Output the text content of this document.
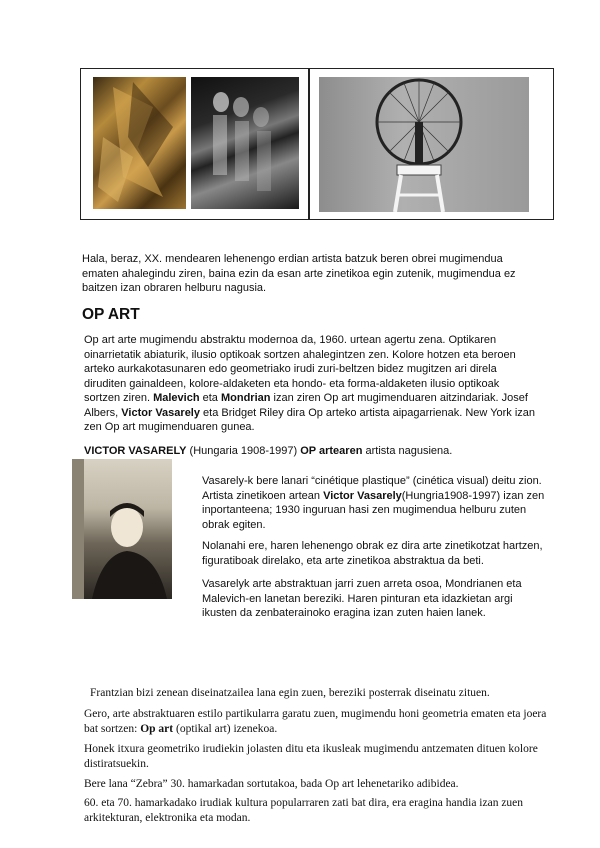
Hala, beraz, XX. mendearen lehenengo erdian artista batzuk beren obrei mugimendua ematen ahalegindu ziren, baina ezin da esan arte zinetikoa egin zutenik, mugimendua ez baitzen izan obraren helburu nagusia.

OP ART

Op art arte mugimendu abstraktu modernoa da, 1960. urtean agertu zena. Optikaren oinarrietatik abiaturik, ilusio optikoak sortzen ahalegintzen zen. Kolore hotzen eta beroen arteko aurkakotasunaren edo geometriako irudi zuri-beltzen bidez mugitzen ari direla diruditen gainaldeen, kolore-aldaketen eta hondo- eta forma-aldaketen ilusio optikoak sortzen ziren. Malevich eta Mondrian izan ziren Op art mugimenduaren aitzindariak. Josef Albers, Victor Vasarely eta Bridget Riley dira Op arteko artista aipagarrienak. New York izan zen Op art mugimenduaren gunea.

VICTOR VASARELY (Hungaria 1908-1997) OP artearen artista nagusiena.

Vasarely-k bere lanari “cinétique plastique” (cinética visual) deitu zion. Artista zinetikoen artean Victor Vasarely(Hungria1908-1997) izan zen inportanteena; 1930 inguruan hasi zen mugimendua helburu zuten obrak egiten.

Nolanahi ere, haren lehenengo obrak ez dira arte zinetikotzat hartzen, figuratiboak direlako, eta arte zinetikoa abstraktua da beti.

Vasarelyk arte abstraktuan jarri zuen arreta osoa, Mondrianen eta Malevich-en lanetan bereziki. Haren pinturan eta idazkietan argi ikusten da zenbaterainoko eragina izan zuten haien lanek.

Frantzian bizi zenean diseinatzailea lana egin zuen, bereziki posterrak diseinatu zituen.

Gero, arte abstraktuaren estilo partikularra garatu zuen, mugimendu honi geometria ematen eta joera bat sortzen: Op art (optikal art) izenekoa.

Honek itxura geometriko irudiekin jolasten ditu eta ikusleak mugimendu antzematen dituen kolore distiratsuekin.

Bere lana “Zebra” 30. hamarkadan sortutakoa, bada Op art lehenetariko adibidea.

60. eta 70. hamarkadako irudiak kultura popularraren zati bat dira, era eragina handia izan zuen arkitekturan, elektronika eta modan.
